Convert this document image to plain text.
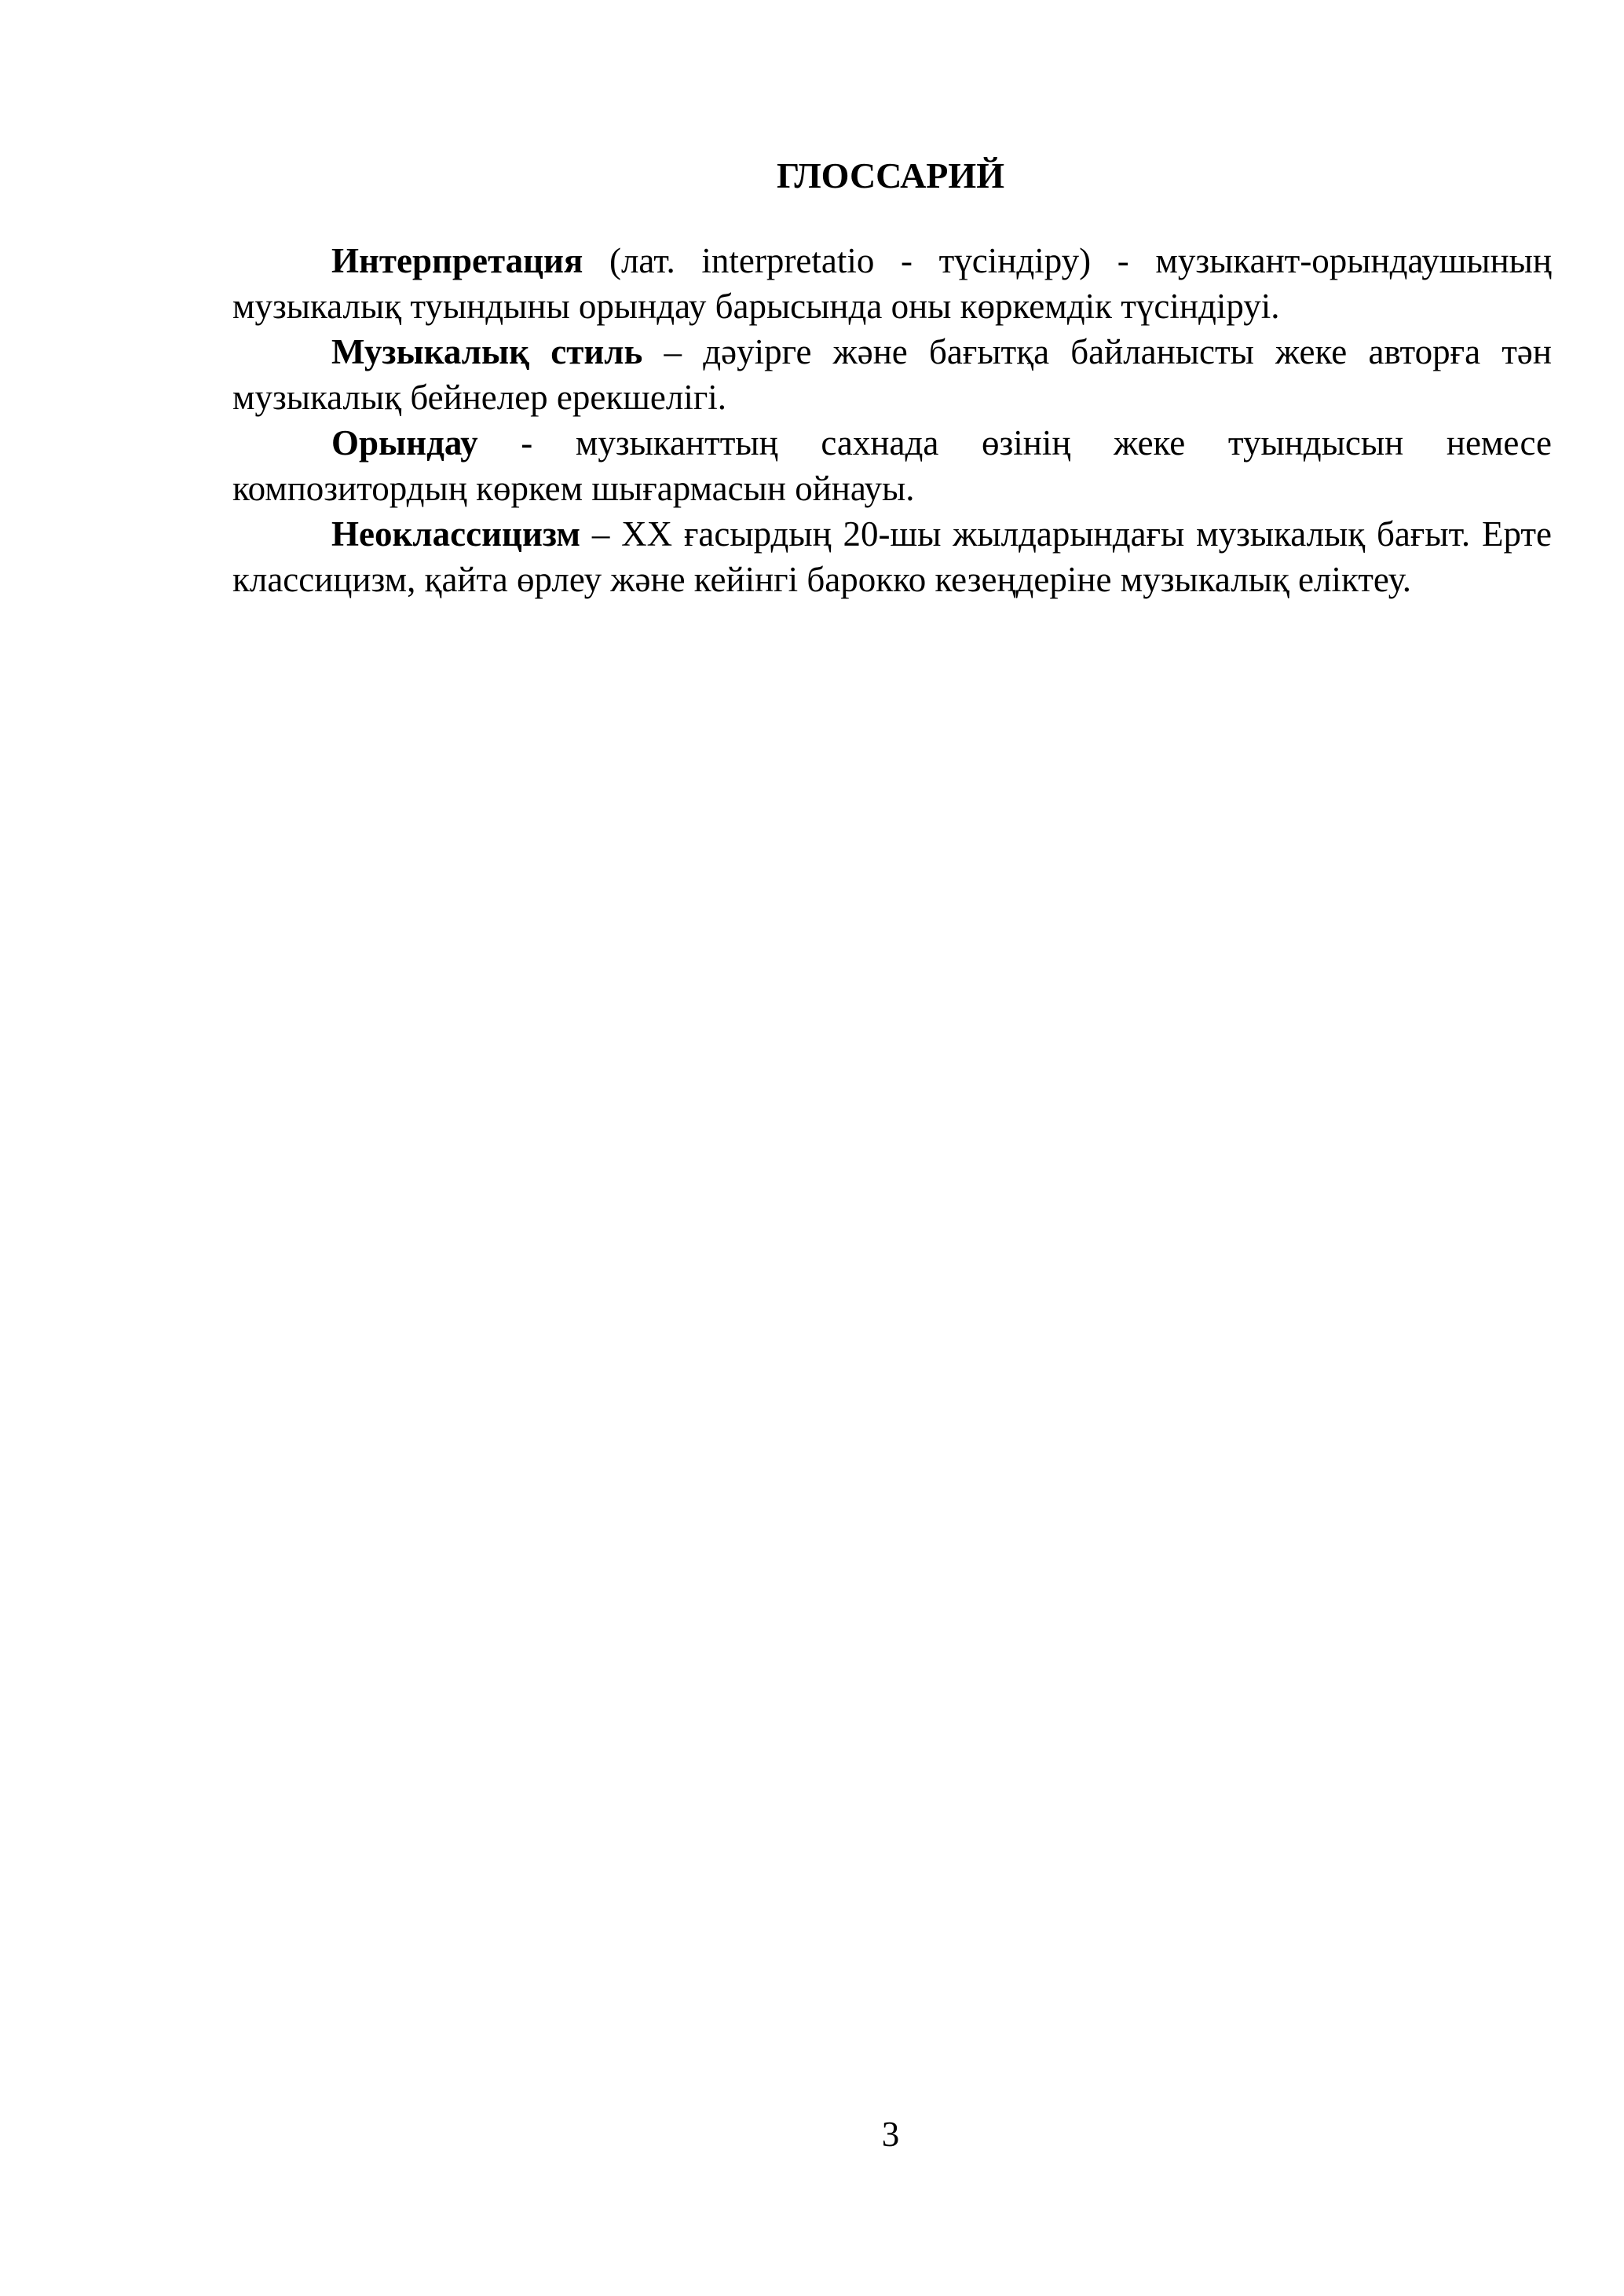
ГЛОССАРИЙ

Интерпретация (лат. interpretatio - түсіндіру) - музыкант-орындаушының музыкалық туындыны орындау барысында оны көркемдік түсіндіруі.

Музыкалық стиль – дәуірге және бағытқа байланысты жеке авторға тән музыкалық бейнелер ерекшелігі.

Орындау - музыканттың сахнада өзінің жеке туындысын немесе композитордың көркем шығармасын ойнауы.

Неоклассицизм – XX ғасырдың 20-шы жылдарындағы музыкалық бағыт. Ерте классицизм, қайта өрлеу және кейінгі барокко кезеңдеріне музыкалық еліктеу.

3
